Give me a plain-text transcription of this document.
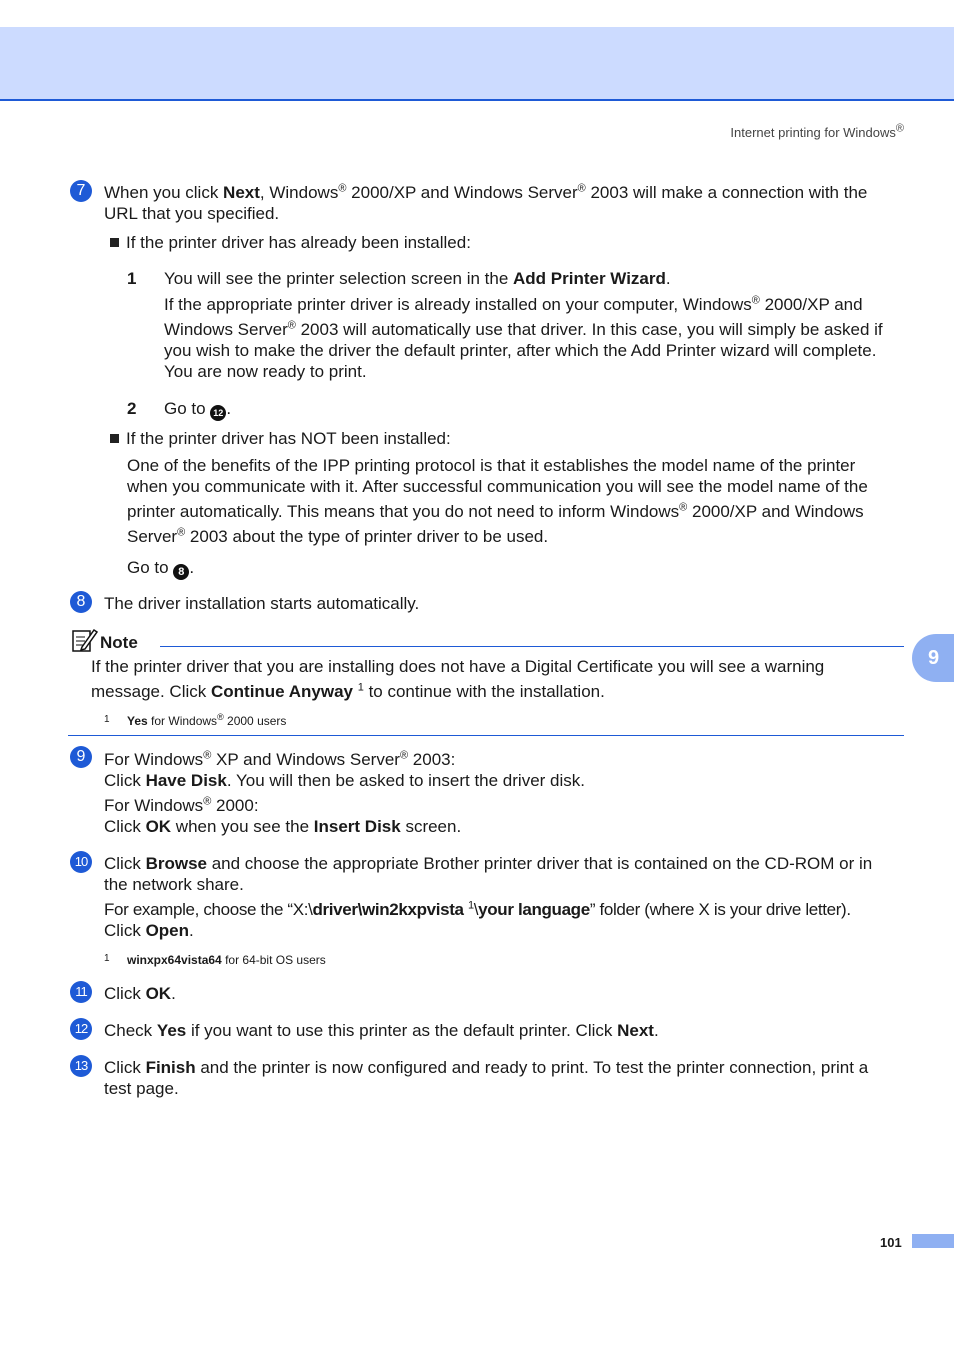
Internet printing for Windows®
7	When you click Next, Windows® 2000/XP and Windows Server® 2003 will make a connection with the
URL that you specified.
If the printer driver has already been installed:
1 You will see the printer selection screen in the Add Printer Wizard.
If the appropriate printer driver is already installed on your computer, Windows® 2000/XP and
Windows Server® 2003 will automatically use that driver. In this case, you will simply be asked if
you wish to make the driver the default printer, after which the Add Printer wizard will complete.
You are now ready to print.
2 Go to 12 .
If the printer driver has NOT been installed:
One of the benefits of the IPP printing protocol is that it establishes the model name of the printer
when you communicate with it. After successful communication you will see the model name of the
printer automatically. This means that you do not need to inform Windows® 2000/XP and Windows
Server® 2003 about the type of printer driver to be used.
Go to 8 .
8	The driver installation starts automatically.
Note
If the printer driver that you are installing does not have a Digital Certificate you will see a warning
message. Click Continue Anyway $^1$ to continue with the installation.
1 Yes for Windows® 2000 users
9
9	For Windows® XP and Windows Server® 2003:
Click Have Disk. You will then be asked to insert the driver disk.
For Windows® 2000:
Click OK when you see the Insert Disk screen.
10 Click Browse and choose the appropriate Brother printer driver that is contained on the CD-ROM or in
the network share.
For example, choose the “X:\driver\win2kxpvista $^1$\your language” folder (where X is your drive letter).
Click Open.
1 winxpx64vista64 for 64-bit OS users
11	Click OK.
12 Check Yes if you want to use this printer as the default printer. Click Next.
13 Click Finish and the printer is now configured and ready to print. To test the printer connection, print a
test page.
101
